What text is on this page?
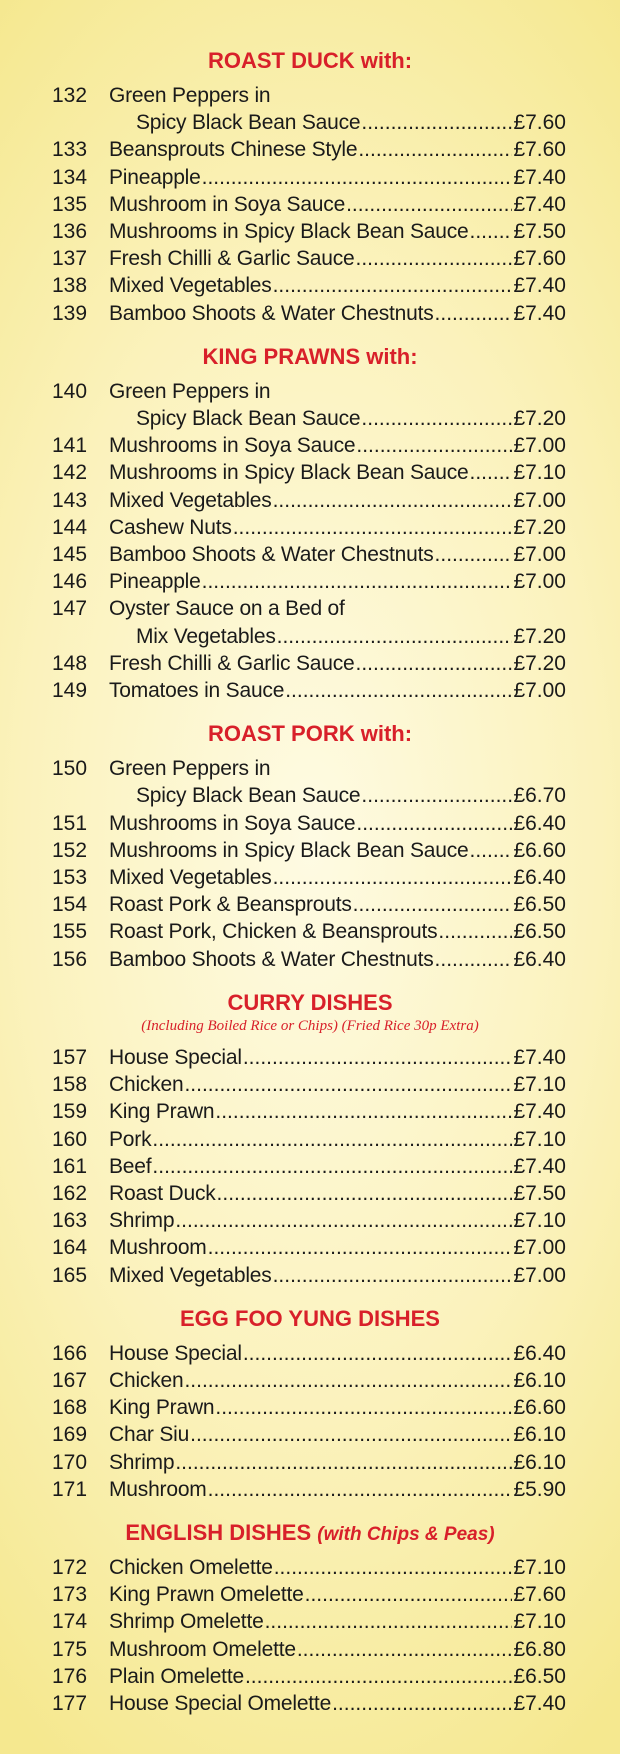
ROAST DUCK with:
132 Green Peppers in
Spicy Black Bean Sauce .....	£7.60
133 Beansprouts Chinese Style .....	£7.60
134 Pineapple .....	£7.40
135 Mushroom in Soya Sauce .....	£7.40
136 Mushrooms in Spicy Black Bean Sauce ..... £7.50
137 Fresh Chilli & Garlic Sauce .....	£7.60
138 Mixed Vegetables .....	£7.40
139 Bamboo Shoots & Water Chestnuts .....	£7.40
KING PRAWNS with:
140 Green Peppers in
Spicy Black Bean Sauce .....	£7.20
141 Mushrooms in Soya Sauce .....	£7.00
142 Mushrooms in Spicy Black Bean Sauce ..... £7.10
143 Mixed Vegetables .....	£7.00
144 Cashew Nuts .....	£7.20
145 Bamboo Shoots & Water Chestnuts .....	£7.00
146 Pineapple .....	£7.00
147 Oyster Sauce on a Bed of
Mix Vegetables .....	£7.20
148 Fresh Chilli & Garlic Sauce .....	£7.20
149 Tomatoes in Sauce .....	£7.00
ROAST PORK with:
150 Green Peppers in
Spicy Black Bean Sauce .....	£6.70
151 Mushrooms in Soya Sauce .....	£6.40
152 Mushrooms in Spicy Black Bean Sauce ..... £6.60
153 Mixed Vegetables .....	£6.40
154 Roast Pork & Beansprouts .....	£6.50
155 Roast Pork, Chicken & Beansprouts .....	£6.50
156 Bamboo Shoots & Water Chestnuts .....	£6.40
CURRY DISHES
(Including Boiled Rice or Chips) (Fried Rice 30p Extra)
157 House Special .....	£7.40
158 Chicken .....	£7.10
159 King Prawn .....	£7.40
160 Pork .....	£7.10
161 Beef .....	£7.40
162 Roast Duck .....	£7.50
163 Shrimp .....	£7.10
164 Mushroom .....	£7.00
165 Mixed Vegetables .....	£7.00
EGG FOO YUNG DISHES
166 House Special .....	£6.40
167 Chicken .....	£6.10
168 King Prawn .....	£6.60
169 Char Siu .....	£6.10
170 Shrimp .....	£6.10
171 Mushroom .....	£5.90
ENGLISH DISHES (with Chips & Peas)
172 Chicken Omelette .....	£7.10
173 King Prawn Omelette .....	£7.60
174 Shrimp Omelette .....	£7.10
175 Mushroom Omelette .....	£6.80
176 Plain Omelette .....	£6.50
177 House Special Omelette .....	£7.40
